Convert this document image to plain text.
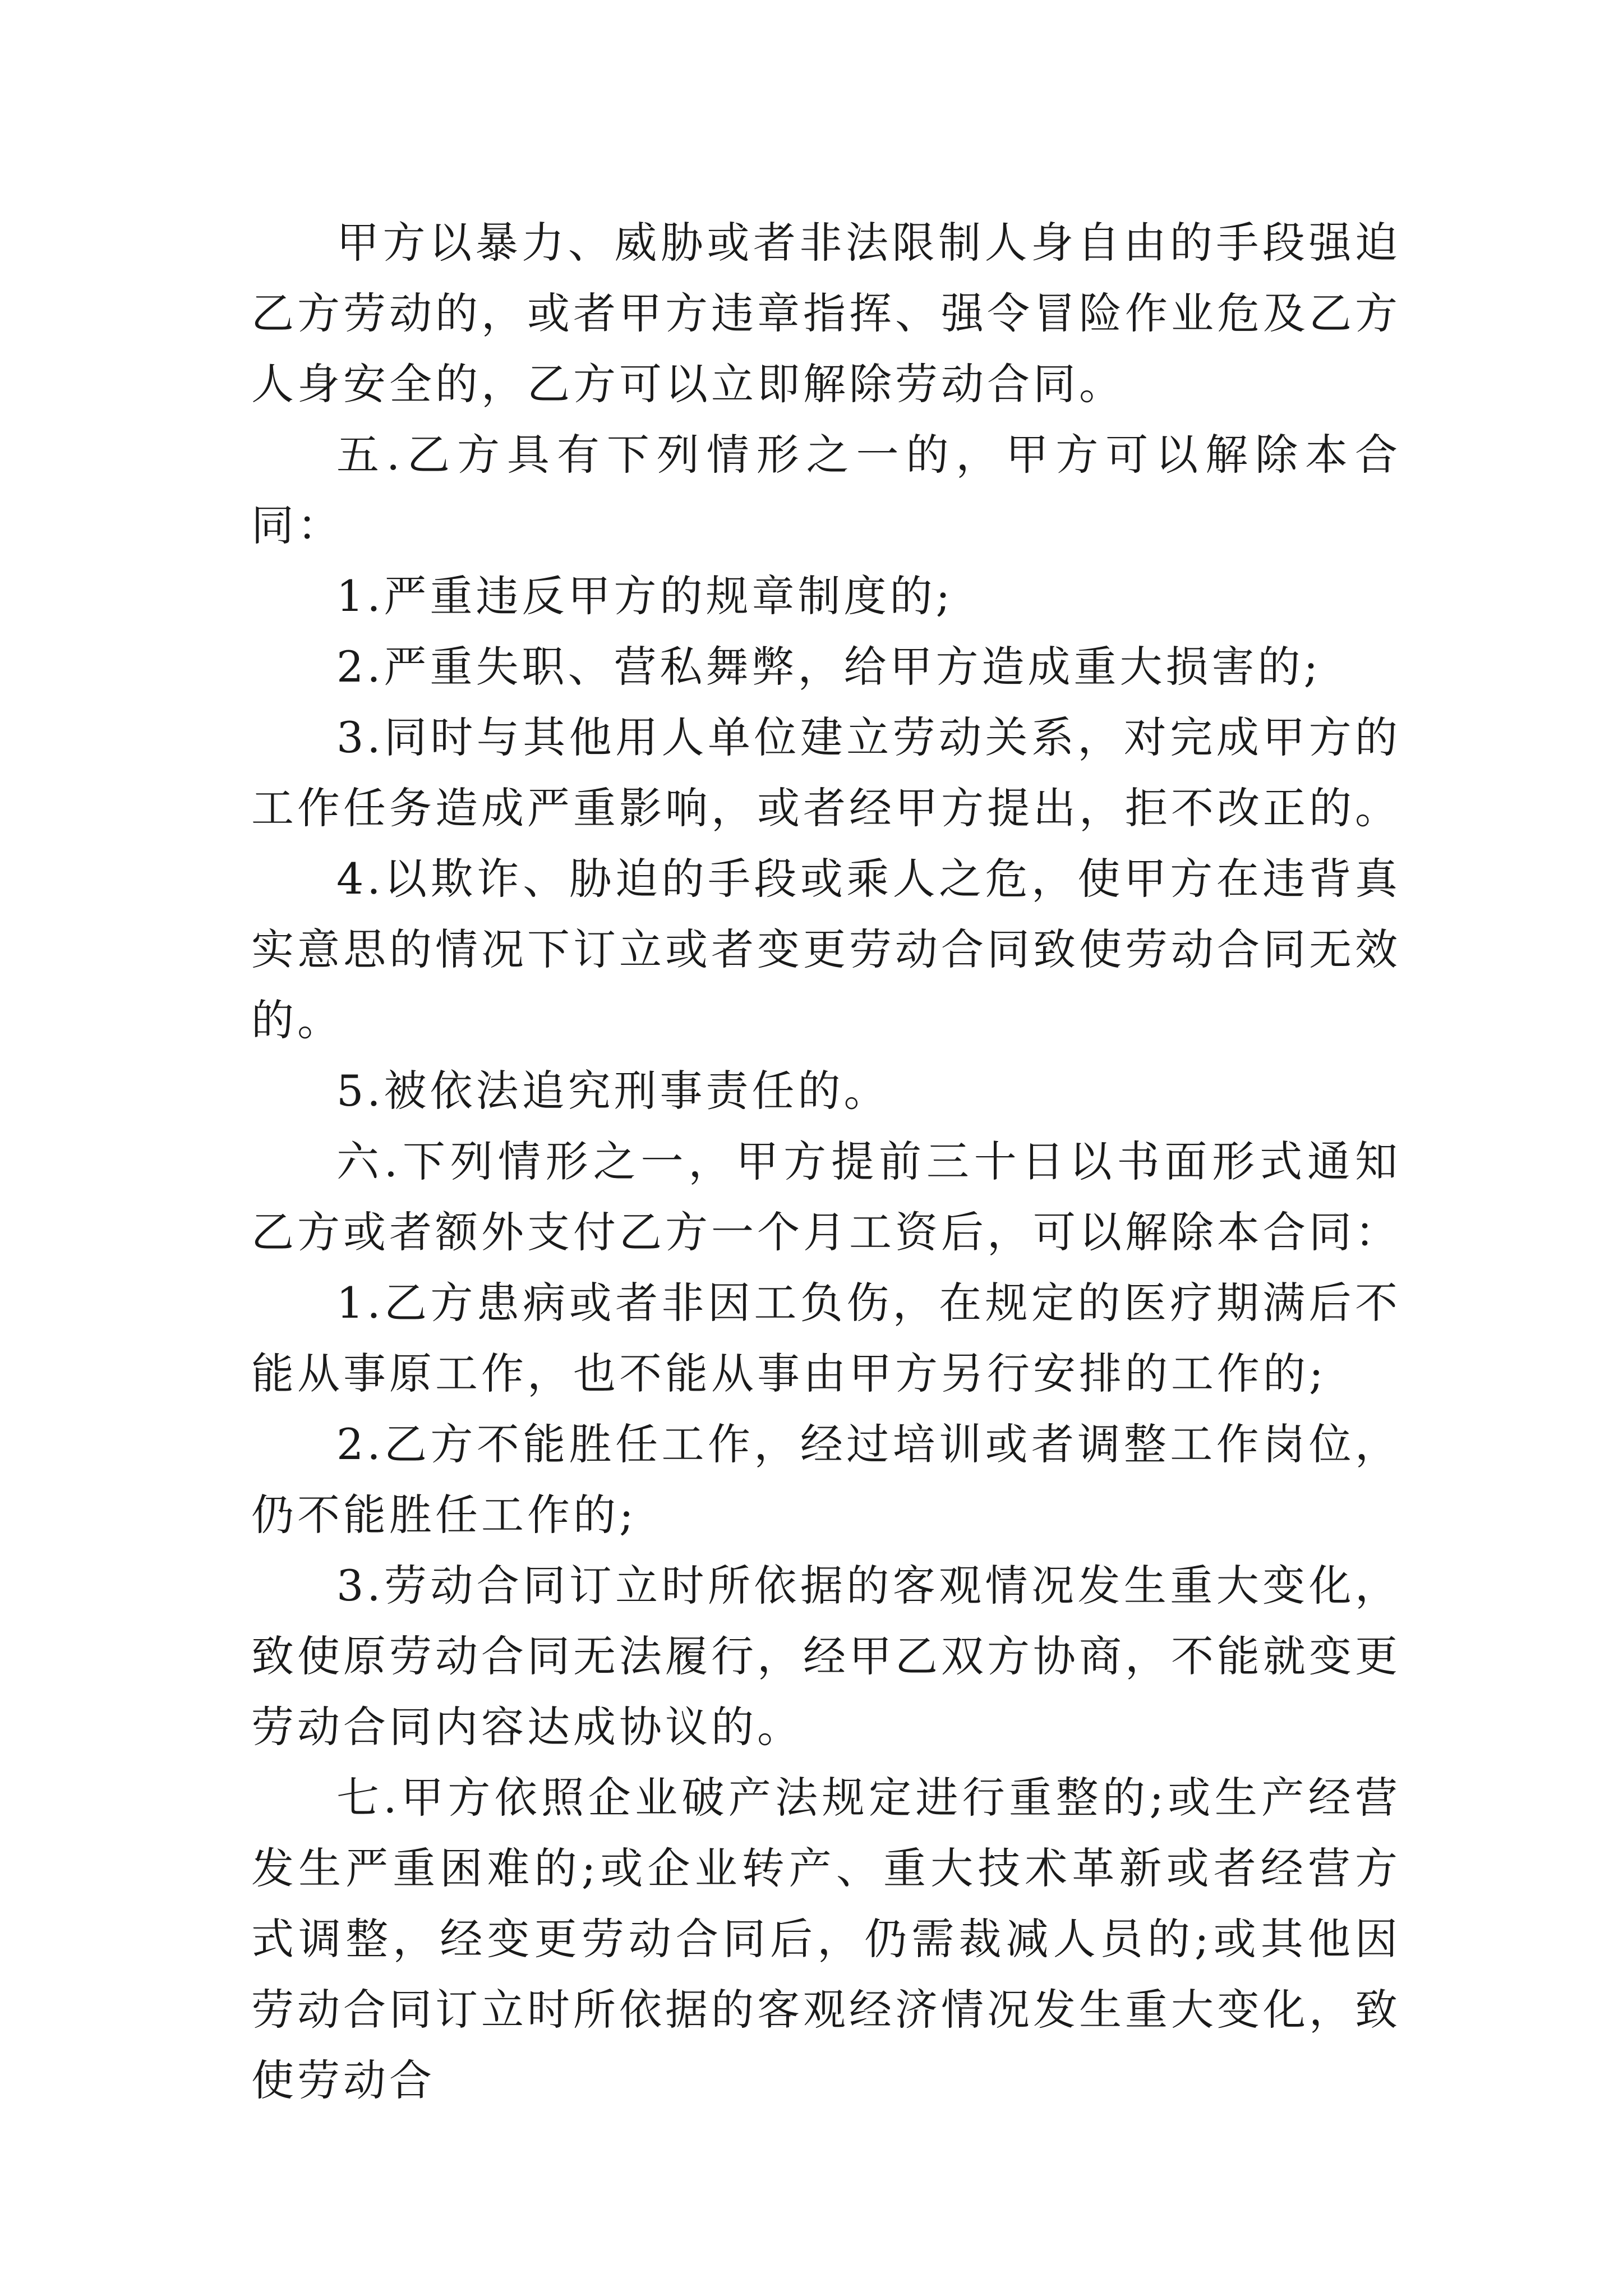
甲方以暴力、威胁或者非法限制人身自由的手段强迫乙方劳动的，或者甲方违章指挥、强令冒险作业危及乙方人身安全的，乙方可以立即解除劳动合同。

五.乙方具有下列情形之一的，甲方可以解除本合同：

1.严重违反甲方的规章制度的;

2.严重失职、营私舞弊，给甲方造成重大损害的;

3.同时与其他用人单位建立劳动关系，对完成甲方的工作任务造成严重影响，或者经甲方提出，拒不改正的。

4.以欺诈、胁迫的手段或乘人之危，使甲方在违背真实意思的情况下订立或者变更劳动合同致使劳动合同无效的。

5.被依法追究刑事责任的。

六.下列情形之一，甲方提前三十日以书面形式通知乙方或者额外支付乙方一个月工资后，可以解除本合同：

1.乙方患病或者非因工负伤，在规定的医疗期满后不能从事原工作，也不能从事由甲方另行安排的工作的;

2.乙方不能胜任工作，经过培训或者调整工作岗位，仍不能胜任工作的;

3.劳动合同订立时所依据的客观情况发生重大变化，致使原劳动合同无法履行，经甲乙双方协商，不能就变更劳动合同内容达成协议的。

七.甲方依照企业破产法规定进行重整的;或生产经营发生严重困难的;或企业转产、重大技术革新或者经营方式调整，经变更劳动合同后，仍需裁减人员的;或其他因劳动合同订立时所依据的客观经济情况发生重大变化，致使劳动合
